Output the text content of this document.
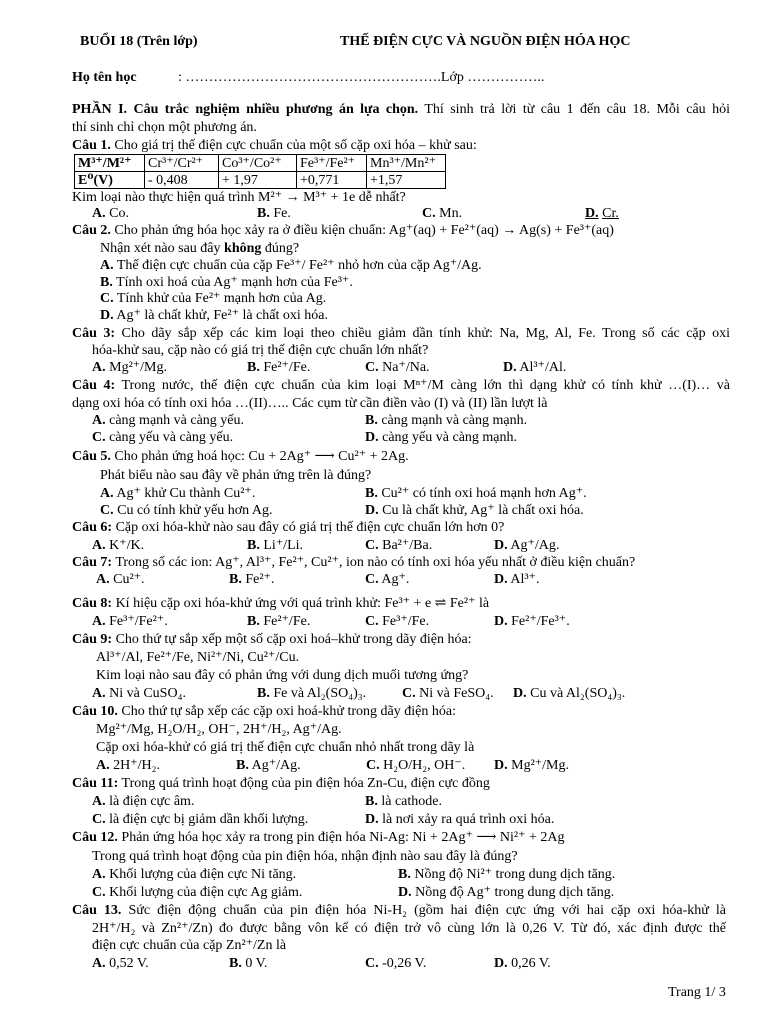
BUỔI 18 (Trên lớp)	THẾ ĐIỆN CỰC VÀ NGUỒN ĐIỆN HÓA HỌC
Họ tên học	: ……………………………………………….Lớp ……………..
PHẦN I. Câu trắc nghiệm nhiều phương án lựa chọn. Thí sinh trả lời từ câu 1 đến câu 18. Mỗi câu hỏi
thí sinh chỉ chọn một phương án.
Câu 1. Cho giá trị thế điện cực chuẩn của một số cặp oxi hóa – khử sau:
M³⁺/M²⁺	Cr³⁺/Cr²⁺	Co³⁺/Co²⁺	Fe³⁺/Fe²⁺	Mn³⁺/Mn²⁺
E⁰(V)	- 0,408	+ 1,97	+0,771	+1,57
Kim loại nào thực hiện quá trình M²⁺ → M³⁺ + 1e dễ nhất?
A. Co.	B. Fe.	C. Mn.	D. Cr.
Câu 2. Cho phản ứng hóa học xảy ra ở điều kiện chuẩn: Ag⁺(aq) + Fe²⁺(aq) → Ag(s) + Fe³⁺(aq)
Nhận xét nào sau đây không đúng?
A. Thế điện cực chuẩn của cặp Fe³⁺/ Fe²⁺ nhỏ hơn của cặp Ag⁺/Ag.
B. Tính oxi hoá của Ag⁺ mạnh hơn của Fe³⁺.
C. Tính khử của Fe²⁺ mạnh hơn của Ag.
D. Ag⁺ là chất khử, Fe²⁺ là chất oxi hóa.
Câu 3: Cho dãy sắp xếp các kim loại theo chiều giảm dần tính khử: Na, Mg, Al, Fe. Trong số các cặp oxi
hóa-khử sau, cặp nào có giá trị thế điện cực chuẩn lớn nhất?
A. Mg²⁺/Mg.	B. Fe²⁺/Fe.	C. Na⁺/Na.	D. Al³⁺/Al.
Câu 4: Trong nước, thế điện cực chuẩn của kim loại Mⁿ⁺/M càng lớn thì dạng khử có tính khử …(I)… và
dạng oxi hóa có tính oxi hóa …(II)….. Các cụm từ cần điền vào (I) và (II) lần lượt là
A. càng mạnh và càng yếu.	B. càng mạnh và càng mạnh.
C. càng yếu và càng yếu.	D. càng yếu và càng mạnh.
Câu 5. Cho phản ứng hoá học: Cu + 2Ag⁺ ⟶ Cu²⁺ + 2Ag.
Phát biểu nào sau đây về phản ứng trên là đúng?
A. Ag⁺ khử Cu thành Cu²⁺.	B. Cu²⁺ có tính oxi hoá mạnh hơn Ag⁺.
C. Cu có tính khử yếu hơn Ag.	D. Cu là chất khử, Ag⁺ là chất oxi hóa.
Câu 6: Cặp oxi hóa-khử nào sau đây có giá trị thế điện cực chuẩn lớn hơn 0?
A. K⁺/K.	B. Li⁺/Li.	C. Ba²⁺/Ba.	D. Ag⁺/Ag.
Câu 7: Trong số các ion: Ag⁺, Al³⁺, Fe²⁺, Cu²⁺, ion nào có tính oxi hóa yếu nhất ở điều kiện chuẩn?
A. Cu²⁺.	B. Fe²⁺.	C. Ag⁺.	D. Al³⁺.
Câu 8: Kí hiệu cặp oxi hóa-khử ứng với quá trình khử: Fe³⁺ + e ⇌ Fe²⁺ là
A. Fe³⁺/Fe²⁺.	B. Fe²⁺/Fe.	C. Fe³⁺/Fe.	D. Fe²⁺/Fe³⁺.
Câu 9: Cho thứ tự sắp xếp một số cặp oxi hoá–khử trong dãy điện hóa:
Al³⁺/Al, Fe²⁺/Fe, Ni²⁺/Ni, Cu²⁺/Cu.
Kim loại nào sau đây có phản ứng với dung dịch muối tương ứng?
A. Ni và CuSO₄.	B. Fe và Al₂(SO₄)₃.	C. Ni và FeSO₄. D. Cu và Al₂(SO₄)₃.
Câu 10. Cho thứ tự sắp xếp các cặp oxi hoá-khử trong dãy điện hóa:
Mg²⁺/Mg, H₂O/H₂, OH⁻, 2H⁺/H₂, Ag⁺/Ag.
Cặp oxi hóa-khử có giá trị thế điện cực chuẩn nhỏ nhất trong dãy là
A. 2H⁺/H₂.	B. Ag⁺/Ag.	C. H₂O/H₂, OH⁻. D. Mg²⁺/Mg.
Câu 11: Trong quá trình hoạt động của pin điện hóa Zn-Cu, điện cực đồng
A. là điện cực âm.	B. là cathode.
C. là điện cực bị giảm dần khối lượng.	D. là nơi xảy ra quá trình oxi hóa.
Câu 12. Phản ứng hóa học xảy ra trong pin điện hóa Ni-Ag: Ni + 2Ag⁺ ⟶ Ni²⁺ + 2Ag
Trong quá trình hoạt động của pin điện hóa, nhận định nào sau đây là đúng?
A. Khối lượng của điện cực Ni tăng.	B. Nồng độ Ni²⁺ trong dung dịch tăng.
C. Khối lượng của điện cực Ag giảm.	D. Nồng độ Ag⁺ trong dung dịch tăng.
Câu 13. Sức điện động chuẩn của pin điện hóa Ni-H₂ (gồm hai điện cực ứng với hai cặp oxi hóa-khử là
2H⁺/H₂ và Zn²⁺/Zn) đo được bằng vôn kế có điện trở vô cùng lớn là 0,26 V. Từ đó, xác định được thế
điện cực chuẩn của cặp Zn²⁺/Zn là
A. 0,52 V.	B. 0 V.	C. -0,26 V.	D. 0,26 V.
Trang 1/ 3
